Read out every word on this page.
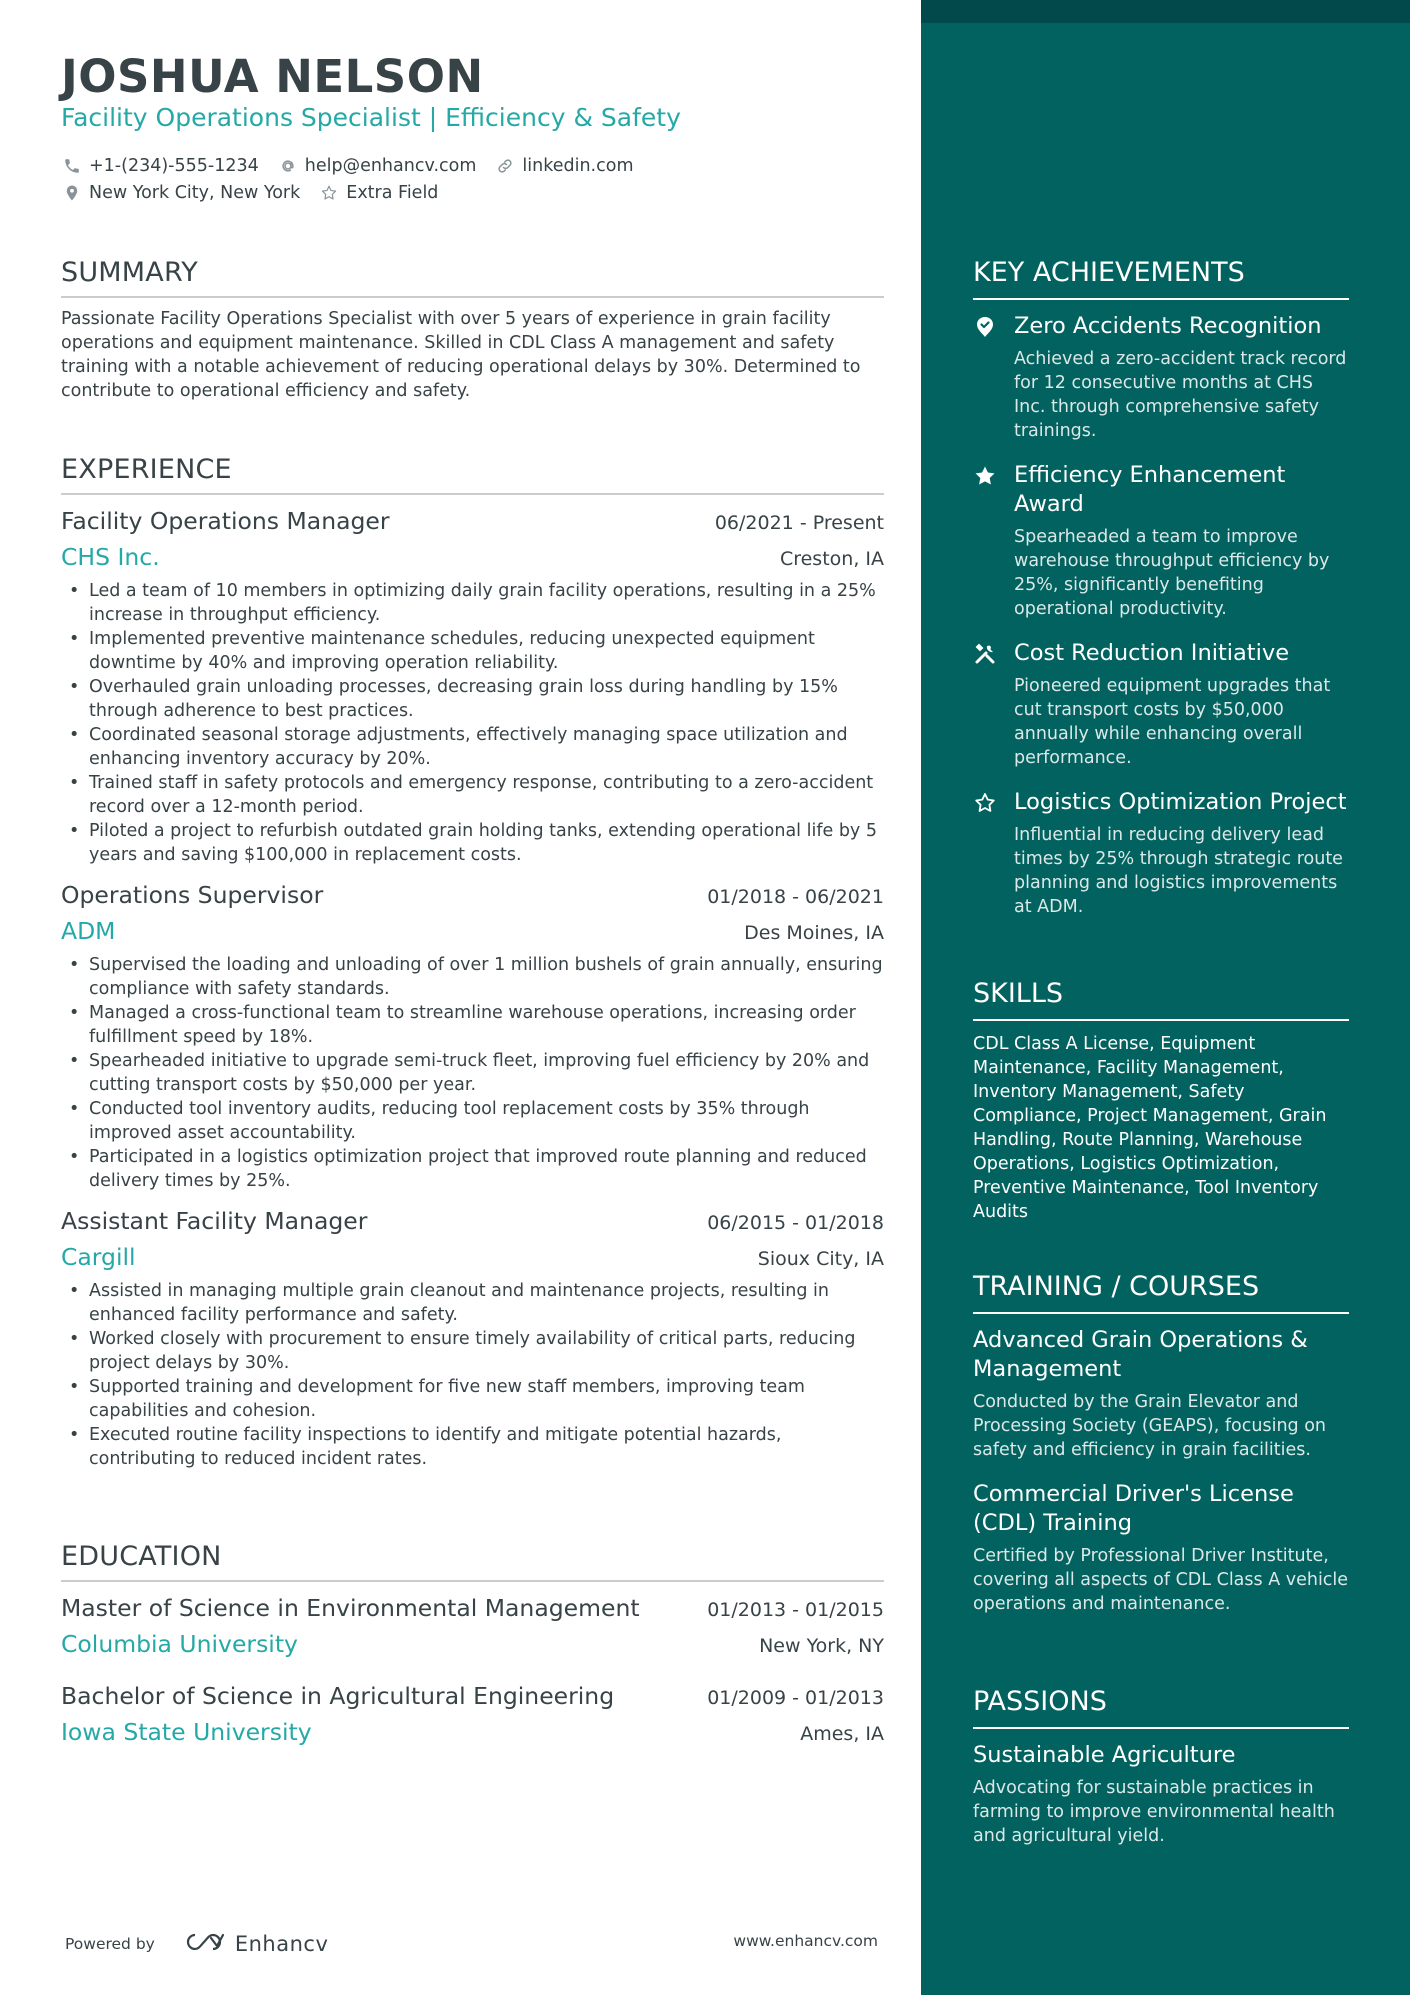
JOSHUA NELSON
Facility Operations Specialist | Efficiency & Safety
+1-(234)-555-1234	help@enhancv.com	linkedin.com
New York City, New York	Extra Field
SUMMARY
Passionate Facility Operations Specialist with over 5 years of experience in grain facility operations and equipment maintenance. Skilled in CDL Class A management and safety training with a notable achievement of reducing operational delays by 30%. Determined to contribute to operational efficiency and safety.
EXPERIENCE
Facility Operations Manager	06/2021 - Present
CHS Inc.	Creston, IA
• Led a team of 10 members in optimizing daily grain facility operations, resulting in a 25% increase in throughput efficiency.
• Implemented preventive maintenance schedules, reducing unexpected equipment downtime by 40% and improving operation reliability.
• Overhauled grain unloading processes, decreasing grain loss during handling by 15% through adherence to best practices.
• Coordinated seasonal storage adjustments, effectively managing space utilization and enhancing inventory accuracy by 20%.
• Trained staff in safety protocols and emergency response, contributing to a zero-accident record over a 12-month period.
• Piloted a project to refurbish outdated grain holding tanks, extending operational life by 5 years and saving $100,000 in replacement costs.
Operations Supervisor	01/2018 - 06/2021
ADM	Des Moines, IA
• Supervised the loading and unloading of over 1 million bushels of grain annually, ensuring compliance with safety standards.
• Managed a cross-functional team to streamline warehouse operations, increasing order fulfillment speed by 18%.
• Spearheaded initiative to upgrade semi-truck fleet, improving fuel efficiency by 20% and cutting transport costs by $50,000 per year.
• Conducted tool inventory audits, reducing tool replacement costs by 35% through improved asset accountability.
• Participated in a logistics optimization project that improved route planning and reduced delivery times by 25%.
Assistant Facility Manager	06/2015 - 01/2018
Cargill	Sioux City, IA
• Assisted in managing multiple grain cleanout and maintenance projects, resulting in enhanced facility performance and safety.
• Worked closely with procurement to ensure timely availability of critical parts, reducing project delays by 30%.
• Supported training and development for five new staff members, improving team capabilities and cohesion.
• Executed routine facility inspections to identify and mitigate potential hazards, contributing to reduced incident rates.
EDUCATION
Master of Science in Environmental Management	01/2013 - 01/2015
Columbia University	New York, NY
Bachelor of Science in Agricultural Engineering	01/2009 - 01/2013
Iowa State University	Ames, IA
KEY ACHIEVEMENTS
Zero Accidents Recognition
Achieved a zero-accident track record for 12 consecutive months at CHS Inc. through comprehensive safety trainings.
Efficiency Enhancement Award
Spearheaded a team to improve warehouse throughput efficiency by 25%, significantly benefiting operational productivity.
Cost Reduction Initiative
Pioneered equipment upgrades that cut transport costs by $50,000 annually while enhancing overall performance.
Logistics Optimization Project
Influential in reducing delivery lead times by 25% through strategic route planning and logistics improvements at ADM.
SKILLS
CDL Class A License, Equipment Maintenance, Facility Management, Inventory Management, Safety Compliance, Project Management, Grain Handling, Route Planning, Warehouse Operations, Logistics Optimization, Preventive Maintenance, Tool Inventory Audits
TRAINING / COURSES
Advanced Grain Operations & Management
Conducted by the Grain Elevator and Processing Society (GEAPS), focusing on safety and efficiency in grain facilities.
Commercial Driver's License (CDL) Training
Certified by Professional Driver Institute, covering all aspects of CDL Class A vehicle operations and maintenance.
PASSIONS
Sustainable Agriculture
Advocating for sustainable practices in farming to improve environmental health and agricultural yield.
Powered by	Enhancv	www.enhancv.com
